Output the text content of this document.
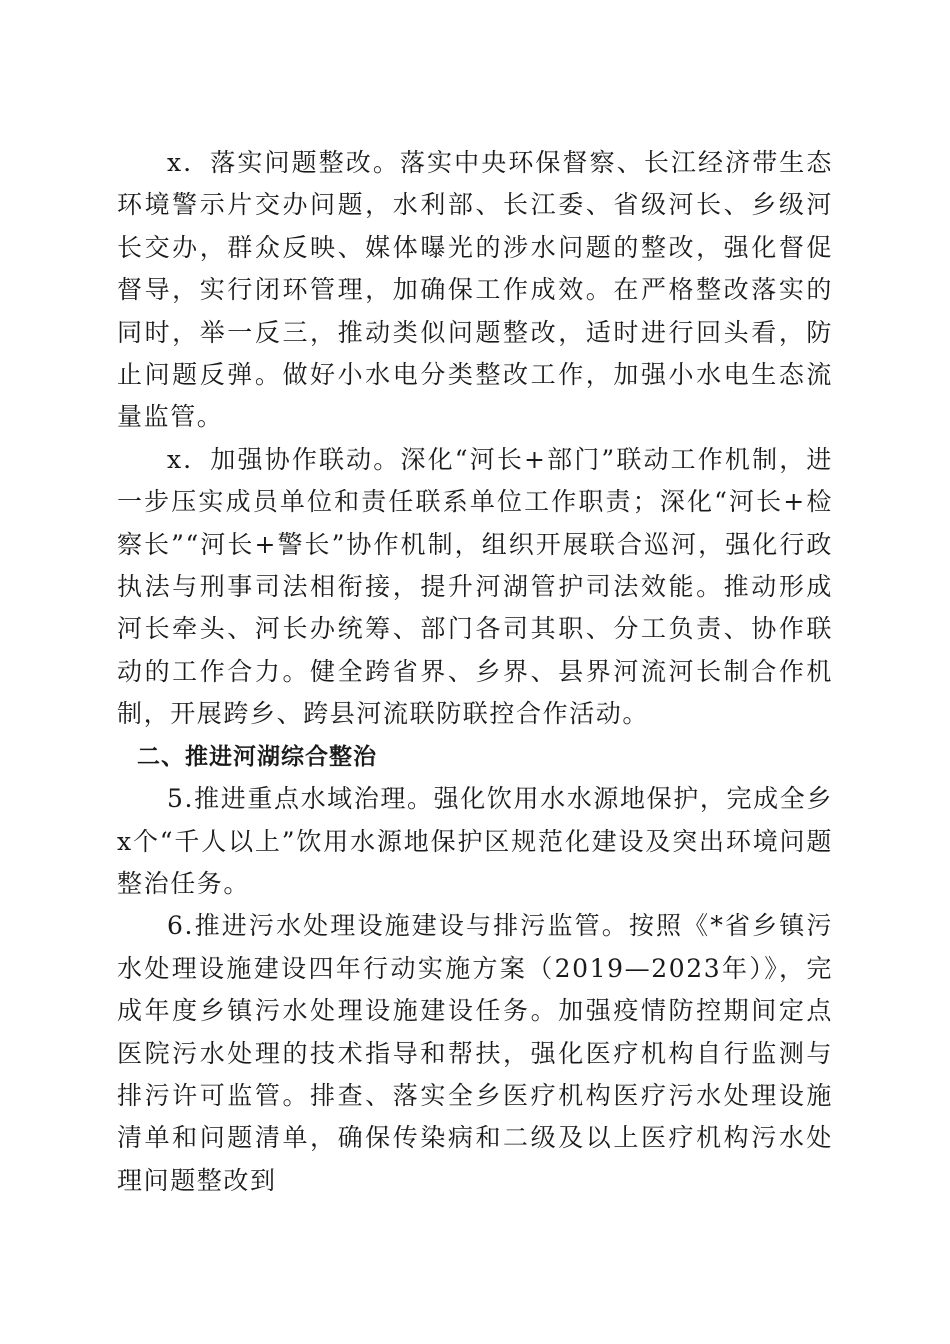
x．落实问题整改。落实中央环保督察、长江经济带生态环境警示片交办问题，水利部、长江委、省级河长、乡级河长交办，群众反映、媒体曝光的涉水问题的整改，强化督促督导，实行闭环管理，加确保工作成效。在严格整改落实的同时，举一反三，推动类似问题整改，适时进行回头看，防止问题反弹。做好小水电分类整改工作，加强小水电生态流量监管。

x．加强协作联动。深化“河长+部门”联动工作机制，进一步压实成员单位和责任联系单位工作职责；深化“河长+检察长”“河长+警长”协作机制，组织开展联合巡河，强化行政执法与刑事司法相衔接，提升河湖管护司法效能。推动形成河长牵头、河长办统筹、部门各司其职、分工负责、协作联动的工作合力。健全跨省界、乡界、县界河流河长制合作机制，开展跨乡、跨县河流联防联控合作活动。

二、推进河湖综合整治

5.推进重点水域治理。强化饮用水水源地保护，完成全乡x个“千人以上”饮用水源地保护区规范化建设及突出环境问题整治任务。

6.推进污水处理设施建设与排污监管。按照《*省乡镇污水处理设施建设四年行动实施方案（2019—2023年）》，完成年度乡镇污水处理设施建设任务。加强疫情防控期间定点医院污水处理的技术指导和帮扶，强化医疗机构自行监测与排污许可监管。排查、落实全乡医疗机构医疗污水处理设施清单和问题清单，确保传染病和二级及以上医疗机构污水处理问题整改到
